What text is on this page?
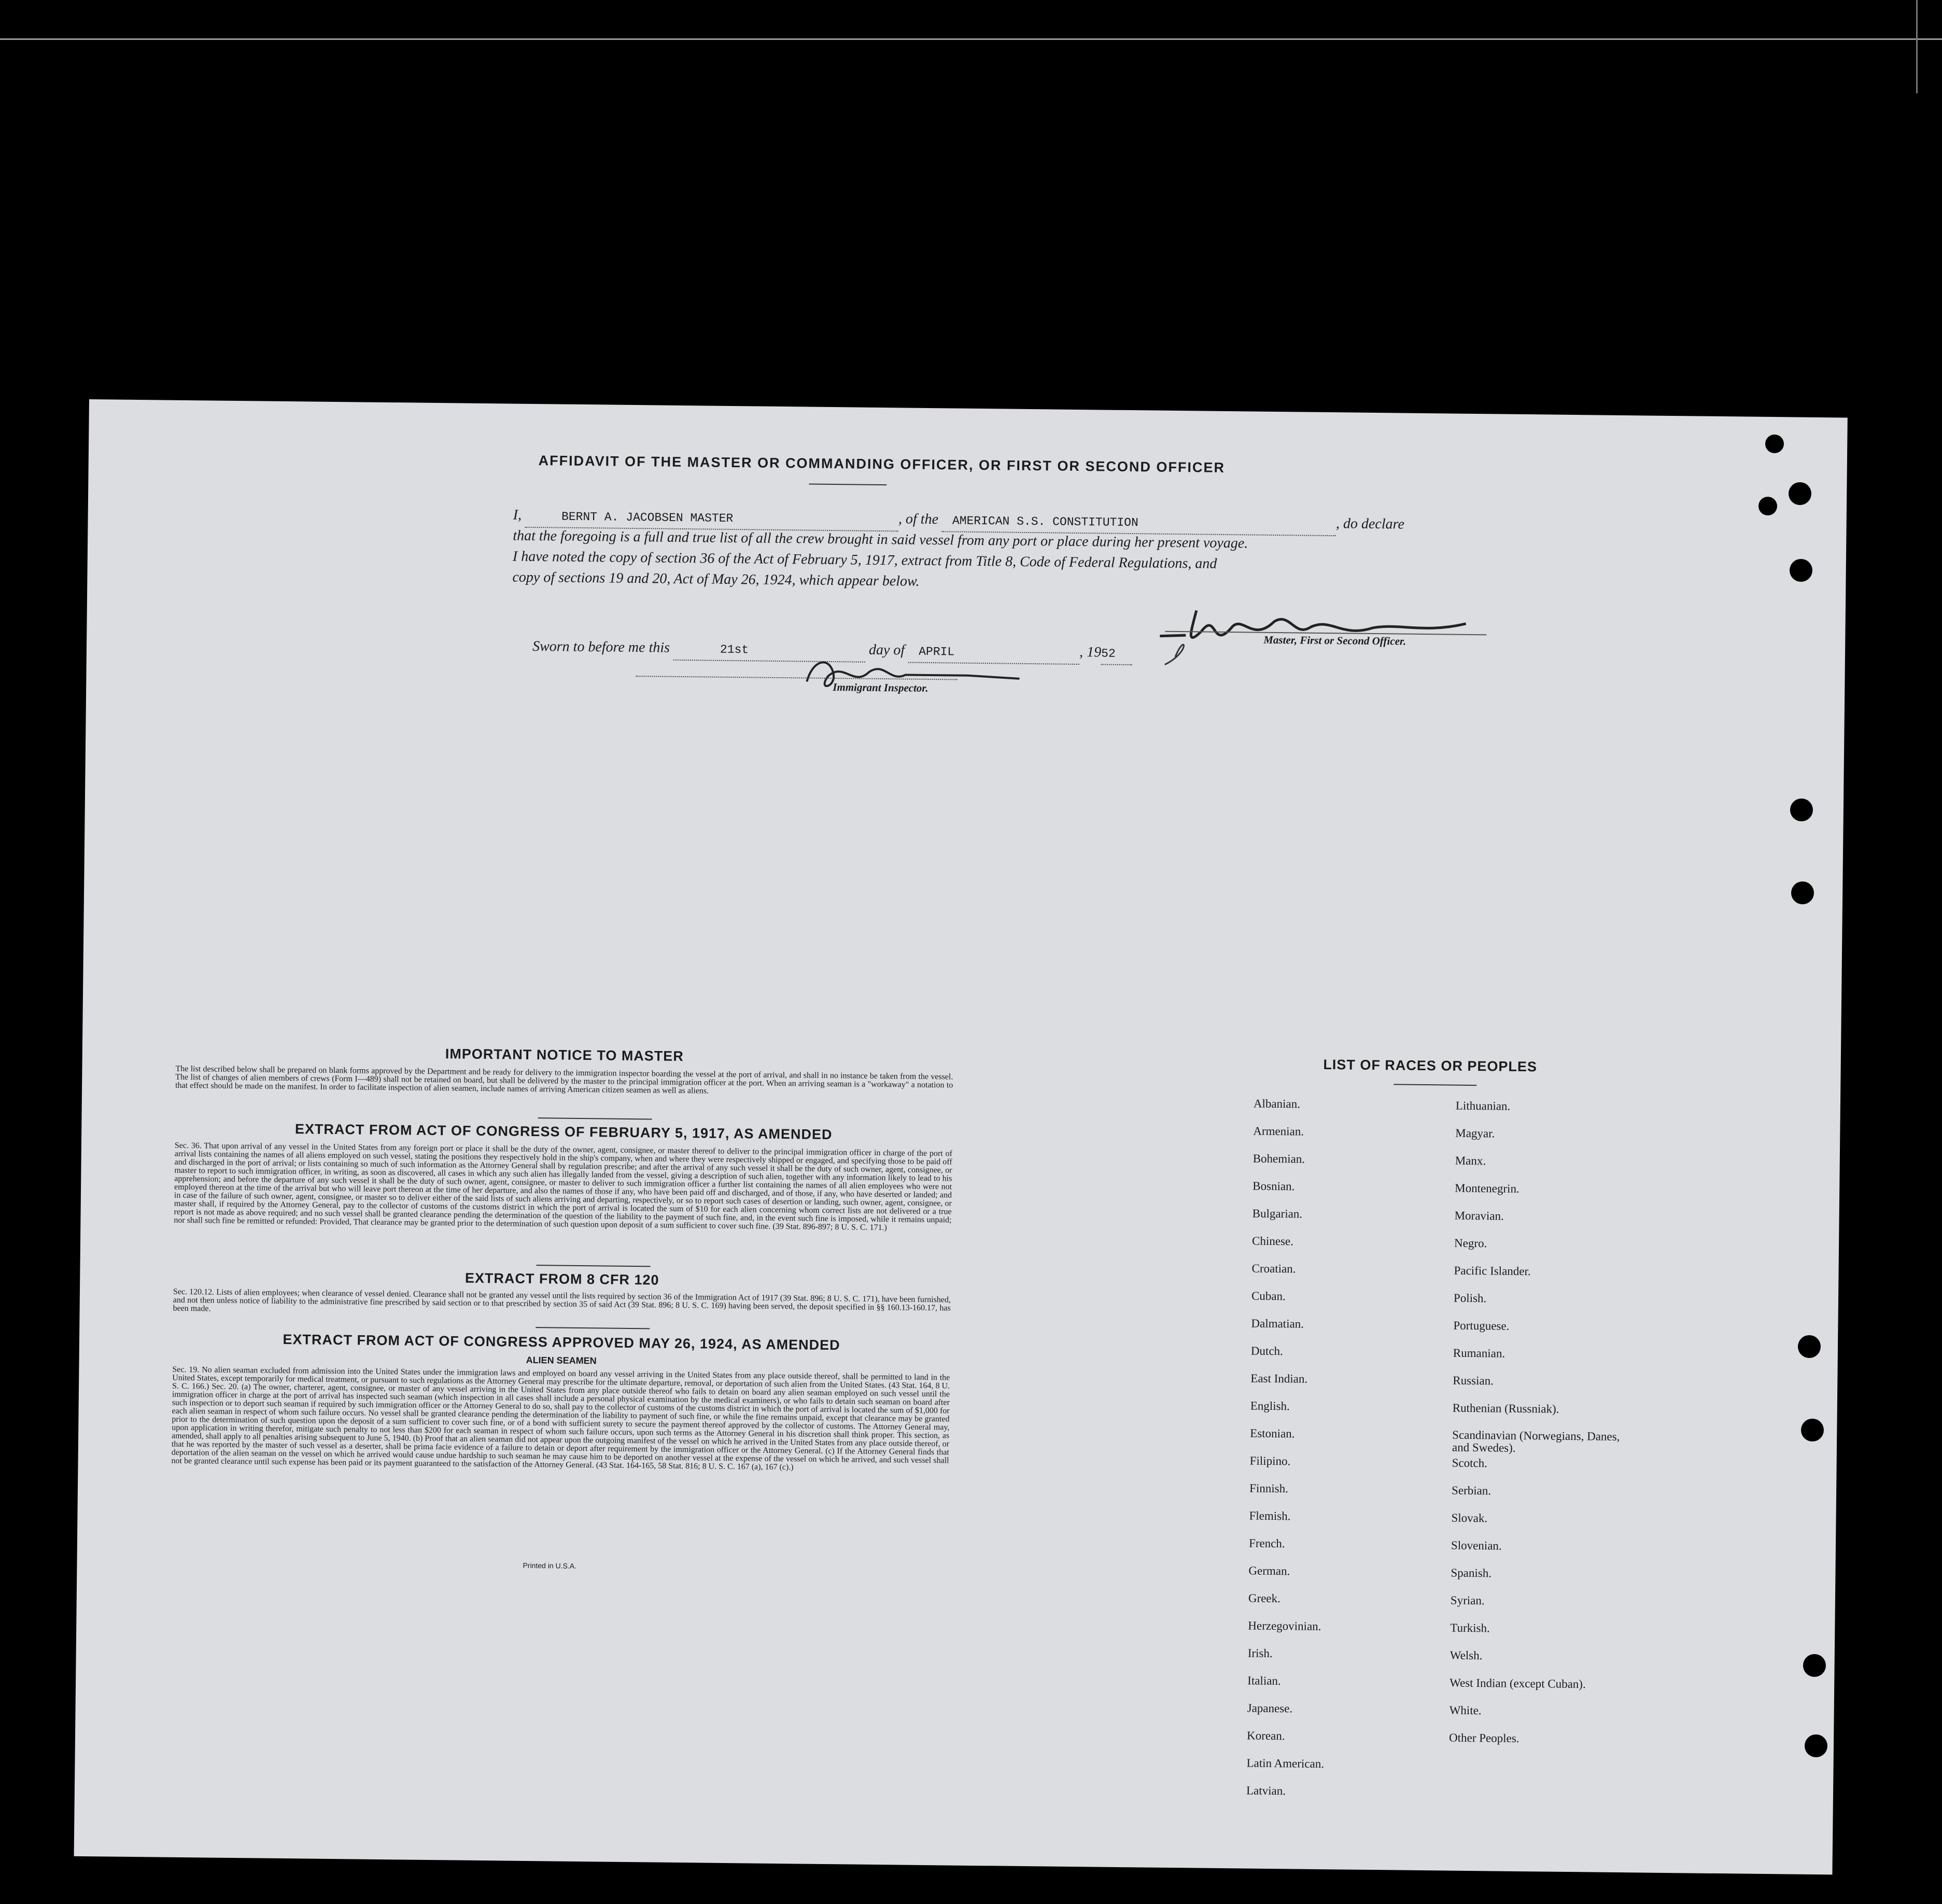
AFFIDAVIT OF THE MASTER OR COMMANDING OFFICER, OR FIRST OR SECOND OFFICER
I,	BERNT A. JACOBSEN MASTER	, of the AMERICAN S.S. CONSTITUTION	, do declare
that the foregoing is a full and true list of all the crew brought in said vessel from any port or place during her present voyage.
I have noted the copy of section 36 of the Act of February 5, 1917, extract from Title 8, Code of Federal Regulations, and
copy of sections 19 and 20, Act of May 26, 1924, which appear below.
Master, First or Second Officer.
Sworn to before me this	21st	day of APRIL	, 1952
Immigrant Inspector.
IMPORTANT NOTICE TO MASTER
The list described below shall be prepared on blank forms approved by the Department and be ready for delivery to the immigration inspector boarding the vessel at the port of arrival, and shall in no instance be taken from the vessel. The list of changes of alien members of crews (Form I—489) shall not be retained on board, but shall be delivered by the master to the principal immigration officer at the port. When an arriving seaman is a "workaway" a notation to that effect should be made on the manifest. In order to facilitate inspection of alien seamen, include names of arriving American citizen seamen as well as aliens.
EXTRACT FROM ACT OF CONGRESS OF FEBRUARY 5, 1917, AS AMENDED
Sec. 36. That upon arrival of any vessel in the United States from any foreign port or place it shall be the duty of the owner, agent, consignee, or master thereof to deliver to the principal immigration officer in charge of the port of arrival lists containing the names of all aliens employed on such vessel, stating the positions they respectively hold in the ship's company, when and where they were respectively shipped or engaged, and specifying those to be paid off and discharged in the port of arrival; or lists containing so much of such information as the Attorney General shall by regulation prescribe; and after the arrival of any such vessel it shall be the duty of such owner, agent, consignee, or master to report to such immigration officer, in writing, as soon as discovered, all cases in which any such alien has illegally landed from the vessel, giving a description of such alien, together with any information likely to lead to his apprehension; and before the departure of any such vessel it shall be the duty of such owner, agent, consignee, or master to deliver to such immigration officer a further list containing the names of all alien employees who were not employed thereon at the time of the arrival but who will leave port thereon at the time of her departure, and also the names of those if any, who have been paid off and discharged, and of those, if any, who have deserted or landed; and in case of the failure of such owner, agent, consignee, or master so to deliver either of the said lists of such aliens arriving and departing, respectively, or so to report such cases of desertion or landing, such owner, agent, consignee, or master shall, if required by the Attorney General, pay to the collector of customs of the customs district in which the port of arrival is located the sum of $10 for each alien concerning whom correct lists are not delivered or a true report is not made as above required; and no such vessel shall be granted clearance pending the determination of the question of the liability to the payment of such fine, and, in the event such fine is imposed, while it remains unpaid; nor shall such fine be remitted or refunded: Provided, That clearance may be granted prior to the determination of such question upon deposit of a sum sufficient to cover such fine. (39 Stat. 896-897; 8 U. S. C. 171.)
EXTRACT FROM 8 CFR 120
Sec. 120.12. Lists of alien employees; when clearance of vessel denied. Clearance shall not be granted any vessel until the lists required by section 36 of the Immigration Act of 1917 (39 Stat. 896; 8 U. S. C. 171), have been furnished, and not then unless notice of liability to the administrative fine prescribed by said section or to that prescribed by section 35 of said Act (39 Stat. 896; 8 U. S. C. 169) having been served, the deposit specified in §§ 160.13-160.17, has been made.
EXTRACT FROM ACT OF CONGRESS APPROVED MAY 26, 1924, AS AMENDED
ALIEN SEAMEN
Sec. 19. No alien seaman excluded from admission into the United States under the immigration laws and employed on board any vessel arriving in the United States from any place outside thereof, shall be permitted to land in the United States, except temporarily for medical treatment, or pursuant to such regulations as the Attorney General may prescribe for the ultimate departure, removal, or deportation of such alien from the United States. (43 Stat. 164, 8 U. S. C. 166.) Sec. 20. (a) The owner, charterer, agent, consignee, or master of any vessel arriving in the United States from any place outside thereof who fails to detain on board any alien seaman employed on such vessel until the immigration officer in charge at the port of arrival has inspected such seaman (which inspection in all cases shall include a personal physical examination by the medical examiners), or who fails to detain such seaman on board after such inspection or to deport such seaman if required by such immigration officer or the Attorney General to do so, shall pay to the collector of customs of the customs district in which the port of arrival is located the sum of $1,000 for each alien seaman in respect of whom such failure occurs. No vessel shall be granted clearance pending the determination of the liability to payment of such fine, or while the fine remains unpaid, except that clearance may be granted prior to the determination of such question upon the deposit of a sum sufficient to cover such fine, or of a bond with sufficient surety to secure the payment thereof approved by the collector of customs. The Attorney General may, upon application in writing therefor, mitigate such penalty to not less than $200 for each seaman in respect of whom such failure occurs, upon such terms as the Attorney General in his discretion shall think proper. This section, as amended, shall apply to all penalties arising subsequent to June 5, 1940. (b) Proof that an alien seaman did not appear upon the outgoing manifest of the vessel on which he arrived in the United States from any place outside thereof, or that he was reported by the master of such vessel as a deserter, shall be prima facie evidence of a failure to detain or deport after requirement by the immigration officer or the Attorney General. (c) If the Attorney General finds that deportation of the alien seaman on the vessel on which he arrived would cause undue hardship to such seaman he may cause him to be deported on another vessel at the expense of the vessel on which he arrived, and such vessel shall not be granted clearance until such expense has been paid or its payment guaranteed to the satisfaction of the Attorney General. (43 Stat. 164-165, 58 Stat. 816; 8 U. S. C. 167 (a), 167 (c).)
Printed in U.S.A.
LIST OF RACES OR PEOPLES
Albanian.
Armenian.
Bohemian.
Bosnian.
Bulgarian.
Chinese.
Croatian.
Cuban.
Dalmatian.
Dutch.
East Indian.
English.
Estonian.
Filipino.
Finnish.
Flemish.
French.
German.
Greek.
Herzegovinian.
Irish.
Italian.
Japanese.
Korean.
Latin American.
Latvian.
Lithuanian.
Magyar.
Manx.
Montenegrin.
Moravian.
Negro.
Pacific Islander.
Polish.
Portuguese.
Rumanian.
Russian.
Ruthenian (Russniak).
Scandinavian (Norwegians, Danes, and Swedes).
Scotch.
Serbian.
Slovak.
Slovenian.
Spanish.
Syrian.
Turkish.
Welsh.
West Indian (except Cuban).
White.
Other Peoples.
